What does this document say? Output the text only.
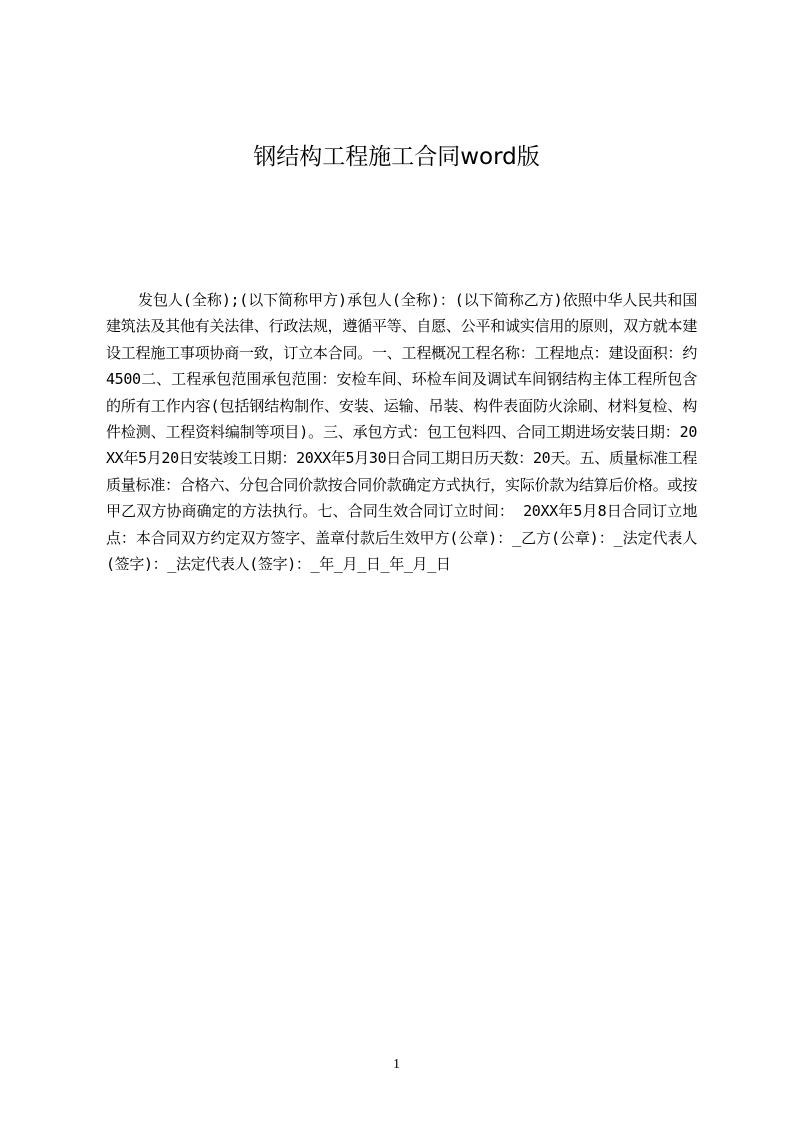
钢结构工程施工合同word版

发包人(全称);(以下简称甲方)承包人(全称)：(以下简称乙方)依照中华人民共和国建筑法及其他有关法律、行政法规，遵循平等、自愿、公平和诚实信用的原则，双方就本建设工程施工事项协商一致，订立本合同。一、工程概况工程名称：工程地点：建设面积：约4500二、工程承包范围承包范围：安检车间、环检车间及调试车间钢结构主体工程所包含的所有工作内容(包括钢结构制作、安装、运输、吊装、构件表面防火涂刷、材料复检、构件检测、工程资料编制等项目)。三、承包方式：包工包料四、合同工期进场安装日期：20XX年5月20日安装竣工日期：20XX年5月30日合同工期日历天数：20天。五、质量标准工程质量标准：合格六、分包合同价款按合同价款确定方式执行，实际价款为结算后价格。或按甲乙双方协商确定的方法执行。七、合同生效合同订立时间： 20XX年5月8日合同订立地点：本合同双方约定双方签字、盖章付款后生效甲方(公章)：_乙方(公章)：_法定代表人(签字)：_法定代表人(签字)：_年_月_日_年_月_日

1
